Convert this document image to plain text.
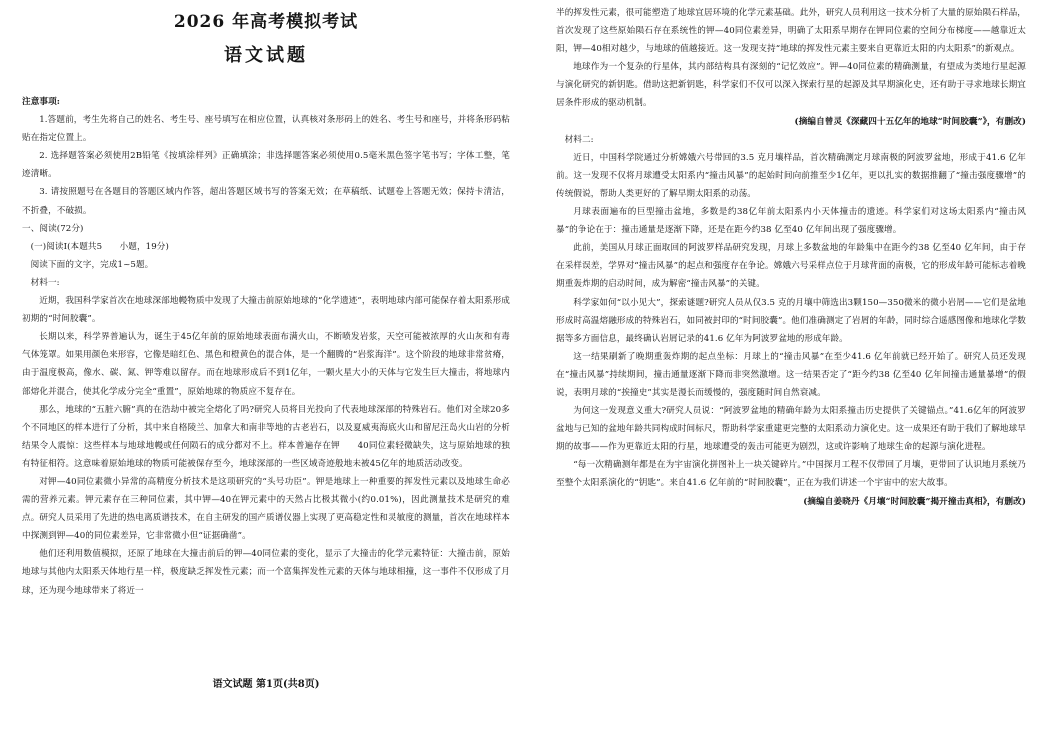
2026 年高考模拟考试
语文试题

注意事项:

1.答题前，考生先将自己的姓名、考生号、座号填写在相应位置，认真核对条形码上的姓名、考生号和座号，并将条形码粘贴在指定位置上。

2. 选择题答案必须使用2B铅笔《按填涂样列》正确填涂；非选择题答案必须使用0.5毫米黑色签字笔书写；字体工整，笔迹清晰。

3. 请按照题号在各题目的答题区域内作答，超出答题区域书写的答案无效；在草稿纸、试题卷上答题无效；保持卡清洁，不折叠，不破损。

一、阅读(72分)

(一)阅读Ⅰ(本题共5　　小题，19分)

阅读下面的文字，完成1~5题。

材料一:

近期，我国科学家首次在地球深部地幔物质中发现了大撞击前原始地球的“化学遗迹”，表明地球内部可能保存着太阳系形成初期的“时间胶囊”。

长期以来，科学界普遍认为，诞生于45亿年前的原始地球表面布满火山，不断喷发岩浆，天空可能被浓厚的火山灰和有毒气体笼罩。如果用颜色来形容，它像是暗红色、黑色和橙黄色的混合体，是一个翻腾的“岩浆海洋”。这个阶段的地球非常贫瘠，由于温度极高，像水、碳、氮、钾等难以留存。而在地球形成后不到1亿年，一颗火星大小的天体与它发生巨大撞击，将地球内部熔化并混合，使其化学成分完全“重置”，原始地球的物质应不复存在。

那么，地球的“五脏六腑”真的在浩劫中被完全熔化了吗?研究人员将目光投向了代表地球深部的特殊岩石。他们对全球20多个不同地区的样本进行了分析，其中来自格陵兰、加拿大和南非等地的古老岩石，以及夏威夷海底火山和留尼汪岛火山岩的分析结果令人震惊：这些样本与地球地幔或任何陨石的成分都对不上。样本普遍存在钾　　40同位素轻微缺失，这与原始地球的独有特征相符。这意味着原始地球的物质可能被保存至今，地球深部的一些区域奇迹般地未被45亿年的地质活动改变。

对钾—40同位素微小异常的高精度分析技术是这项研究的“头号功臣”。钾是地球上一种重要的挥发性元素以及地球生命必需的营养元素。钾元素存在三种同位素，其中钾—40在钾元素中的天然占比极其微小(约0.01%)，因此测量技术是研究的难点。研究人员采用了先进的热电离质谱技术，在自主研发的国产质谱仪器上实现了更高稳定性和灵敏度的测量，首次在地球样本中探测到钾—40的同位素差异，它非常微小但“证据确凿”。

他们还利用数值模拟，还原了地球在大撞击前后的钾—40同位素的变化，显示了大撞击的化学元素特征：大撞击前，原始地球与其他内太阳系天体地行星一样，极度缺乏挥发性元素；而一个富集挥发性元素的天体与地球相撞，这一事件不仅形成了月球，还为现今地球带来了将近一

语文试题 第1页(共8页)

半的挥发性元素，很可能塑造了地球宜居环境的化学元素基础。此外，研究人员利用这一技术分析了大量的原始陨石样品，首次发现了这些原始陨石存在系统性的钾—40同位素差异，明确了太阳系早期存在钾同位素的空间分布梯度——越靠近太阳，钾—40相对越少，与地球的值越接近。这一发现支持“地球的挥发性元素主要来自更靠近太阳的内太阳系”的新观点。

地球作为一个复杂的行星体，其内部结构具有深刻的“记忆效应”。钾—40同位素的精确测量，有望成为类地行星起源与演化研究的新钥匙。借助这把新钥匙，科学家们不仅可以深入探索行星的起源及其早期演化史，还有助于寻求地球长期宜居条件形成的驱动机制。

(摘编自曾灵《深藏四十五亿年的地球“时间胶囊”》，有删改)

材料二:

近日，中国科学院通过分析嫦娥六号带回的3.5 克月壤样品，首次精确测定月球南极的阿波罗盆地，形成于41.6 亿年前。这一发现不仅将月球遭受太阳系内“撞击风暴”的起始时间向前推至少1亿年，更以扎实的数据推翻了“撞击强度骤增”的传统假说，帮助人类更好的了解早期太阳系的动荡。

月球表面遍布的巨型撞击盆地，多数是约38亿年前太阳系内小天体撞击的遗迹。科学家们对这场太阳系内“撞击风暴”的争论在于：撞击通量是逐渐下降，还是在距今约38 亿至40 亿年间出现了强度骤增。

此前，美国从月球正面取回的阿波罗样品研究发现，月球上多数盆地的年龄集中在距今约38 亿至40 亿年间，由于存在采样误差，学界对“撞击风暴”的起点和强度存在争论。嫦娥六号采样点位于月球背面的南极，它的形成年龄可能标志着晚期重轰炸期的启动时间，成为解密“撞击风暴”的关键。

科学家如何“以小见大”，探索谜题?研究人员从仅3.5 克的月壤中筛选出3颗150—350微米的微小岩屑——它们是盆地形成时高温熔融形成的特殊岩石，如同被封印的“时间胶囊”。他们准确测定了岩屑的年龄，同时综合遥感图像和地球化学数据等多方面信息，最终确认岩屑记录的41.6 亿年为阿波罗盆地的形成年龄。

这一结果刷新了晚期重轰炸期的起点坐标：月球上的“撞击风暴”在至少41.6 亿年前就已经开始了。研究人员还发现在“撞击风暴”持续期间，撞击通量逐渐下降而非突然激增。这一结果否定了“距今约38 亿至40 亿年间撞击通量暴增”的假说，表明月球的“挨撞史”其实是漫长而缓慢的，强度随时间自然衰减。

为何这一发现意义重大?研究人员说：“阿波罗盆地的精确年龄为太阳系撞击历史提供了关键锚点。”41.6亿年的阿波罗盆地与已知的盆地年龄共同构成时间标尺，帮助科学家重建更完整的太阳系动力演化史。这一成果还有助于我们了解地球早期的故事——作为更靠近太阳的行星，地球遭受的轰击可能更为剧烈，这或许影响了地球生命的起源与演化进程。

“每一次精确测年都是在为宇宙演化拼图补上一块关键碎片。”中国探月工程不仅带回了月壤，更带回了认识地月系统乃至整个太阳系演化的“钥匙”。来自41.6 亿年前的“时间胶囊”，正在为我们讲述一个宇宙中的宏大故事。

(摘编自姜晓丹《月壤“时间胶囊”揭开撞击真相》，有删改)
